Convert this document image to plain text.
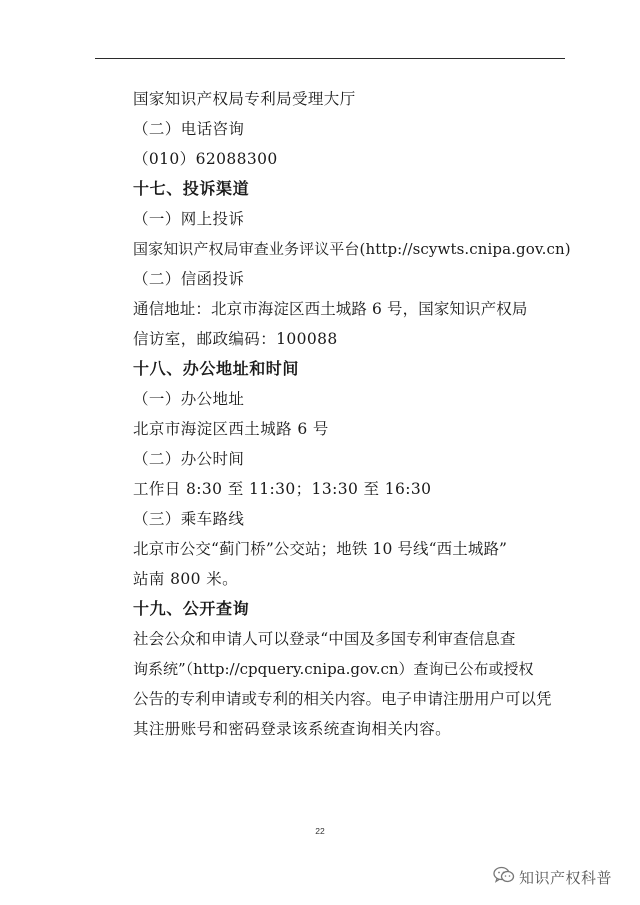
国家知识产权局专利局受理大厅
（二）电话咨询
（010）62088300
十七、投诉渠道
（一）网上投诉
国家知识产权局审查业务评议平台(http://scywts.cnipa.gov.cn)
（二）信函投诉
通信地址：北京市海淀区西土城路 6 号，国家知识产权局
信访室，邮政编码：100088
十八、办公地址和时间
（一）办公地址
北京市海淀区西土城路 6 号
（二）办公时间
工作日 8:30 至 11:30；13:30 至 16:30
（三）乘车路线
北京市公交“蓟门桥”公交站；地铁 10 号线“西土城路”
站南 800 米。
十九、公开查询
社会公众和申请人可以登录“中国及多国专利审查信息查
询系统”（http://cpquery.cnipa.gov.cn）查询已公布或授权
公告的专利申请或专利的相关内容。电子申请注册用户可以凭
其注册账号和密码登录该系统查询相关内容。
22
知识产权科普
